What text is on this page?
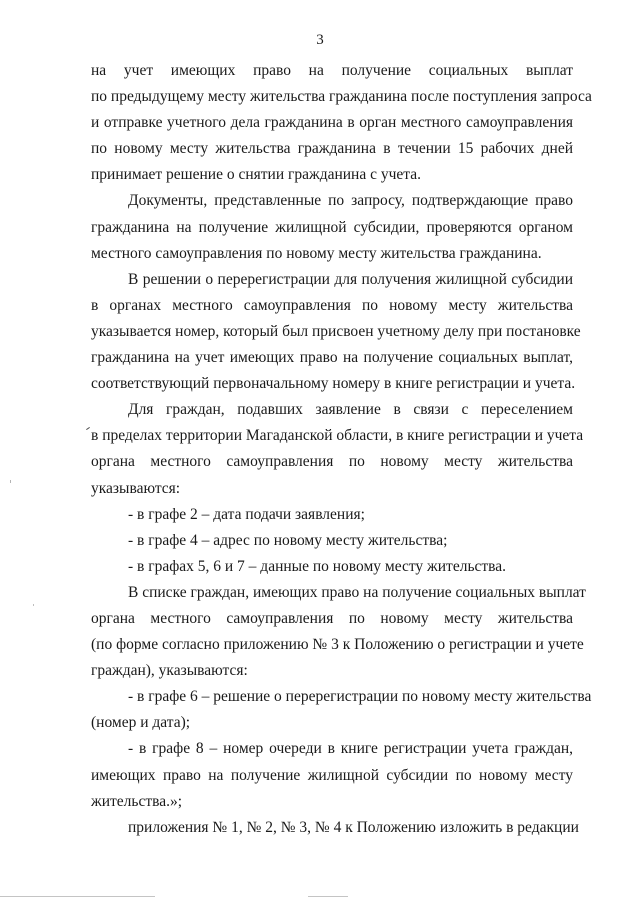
3
на учет имеющих право на получение социальных выплат
по предыдущему месту жительства гражданина после поступления запроса
и отправке учетного дела гражданина в орган местного самоуправления
по новому месту жительства гражданина в течении 15 рабочих дней
принимает решение о снятии гражданина с учета.
Документы, представленные по запросу, подтверждающие право
гражданина на получение жилищной субсидии, проверяются органом
местного самоуправления по новому месту жительства гражданина.
В решении о перерегистрации для получения жилищной субсидии
в органах местного самоуправления по новому месту жительства
указывается номер, который был присвоен учетному делу при постановке
гражданина на учет имеющих право на получение социальных выплат,
соответствующий первоначальному номеру в книге регистрации и учета.
Для граждан, подавших заявление в связи с переселением
в пределах территории Магаданской области, в книге регистрации и учета
органа местного самоуправления по новому месту жительства
указываются:
- в графе 2 – дата подачи заявления;
- в графе 4 – адрес по новому месту жительства;
- в графах 5, 6 и 7 – данные по новому месту жительства.
В списке граждан, имеющих право на получение социальных выплат
органа местного самоуправления по новому месту жительства
(по форме согласно приложению № 3 к Положению о регистрации и учете
граждан), указываются:
- в графе 6 – решение о перерегистрации по новому месту жительства
(номер и дата);
- в графе 8 – номер очереди в книге регистрации учета граждан,
имеющих право на получение жилищной субсидии по новому месту
жительства.»;
приложения № 1, № 2, № 3, № 4 к Положению изложить в редакции
